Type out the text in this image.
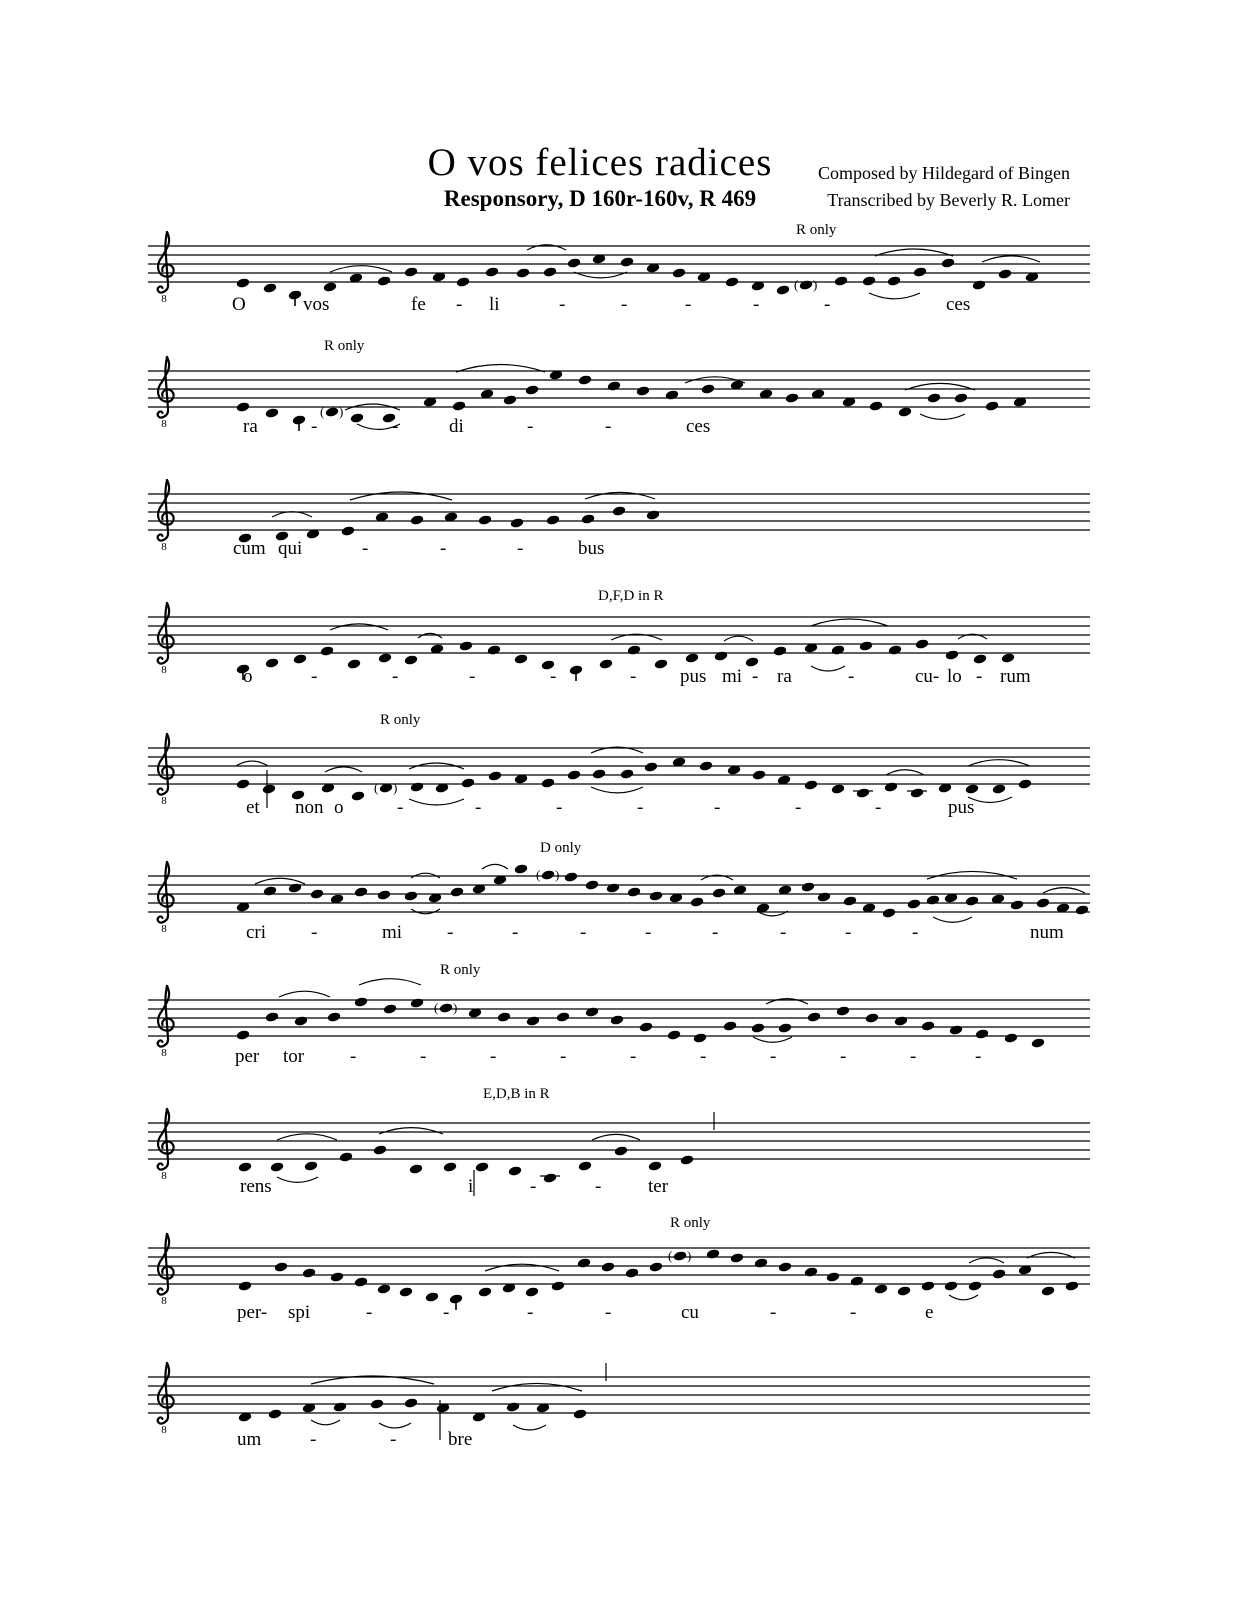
O vos felices radices
Responsory, D 160r-160v, R 469
Composed by Hildegard of Bingen
Transcribed by Beverly R. Lomer
8
R only
( )
O	vos	fe - li	-	-	-	-	-	ces
8
R only
( )
ra	-	-	di	-	-	ces
8	cum qui	-	-	-	bus
8
D,F,D in R
o	-	-	-	-	- pus mi - ra	-	cu- lo - rum
8
R only
( )
et non o	-	-	-	-	-	-	-	pus
8
D only
( )
cri -	mi -	-	-	-	-	-	-	-	num
8
R only
( )
per tor -	-	-	-	-	-	-	-	-	-
8
E,D,B in R
rens	i	-	- ter
8
R only
( )
per- spi	-	-	-	-	cu	-	-	e
8	um	-	-	bre
